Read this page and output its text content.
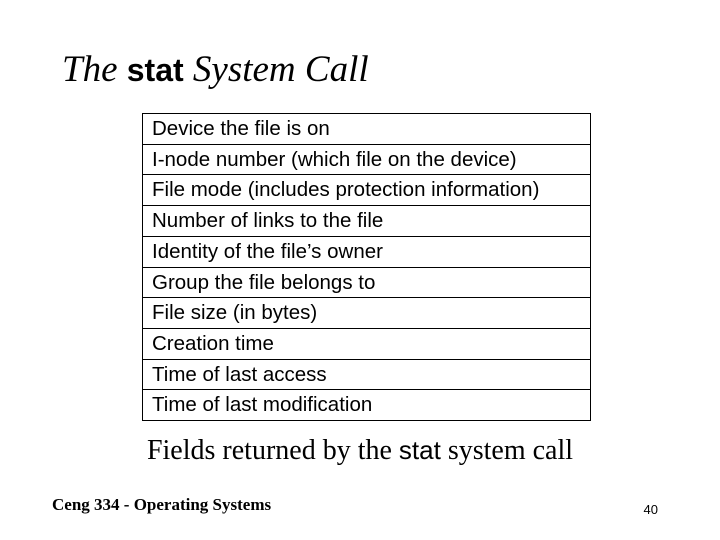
The stat System Call
Device the file is on
I-node number (which file on the device)
File mode (includes protection information)
Number of links to the file
Identity of the file’s owner
Group the file belongs to
File size (in bytes)
Creation time
Time of last access
Time of last modification

Fields returned by the stat system call

Ceng 334 - Operating Systems	40
